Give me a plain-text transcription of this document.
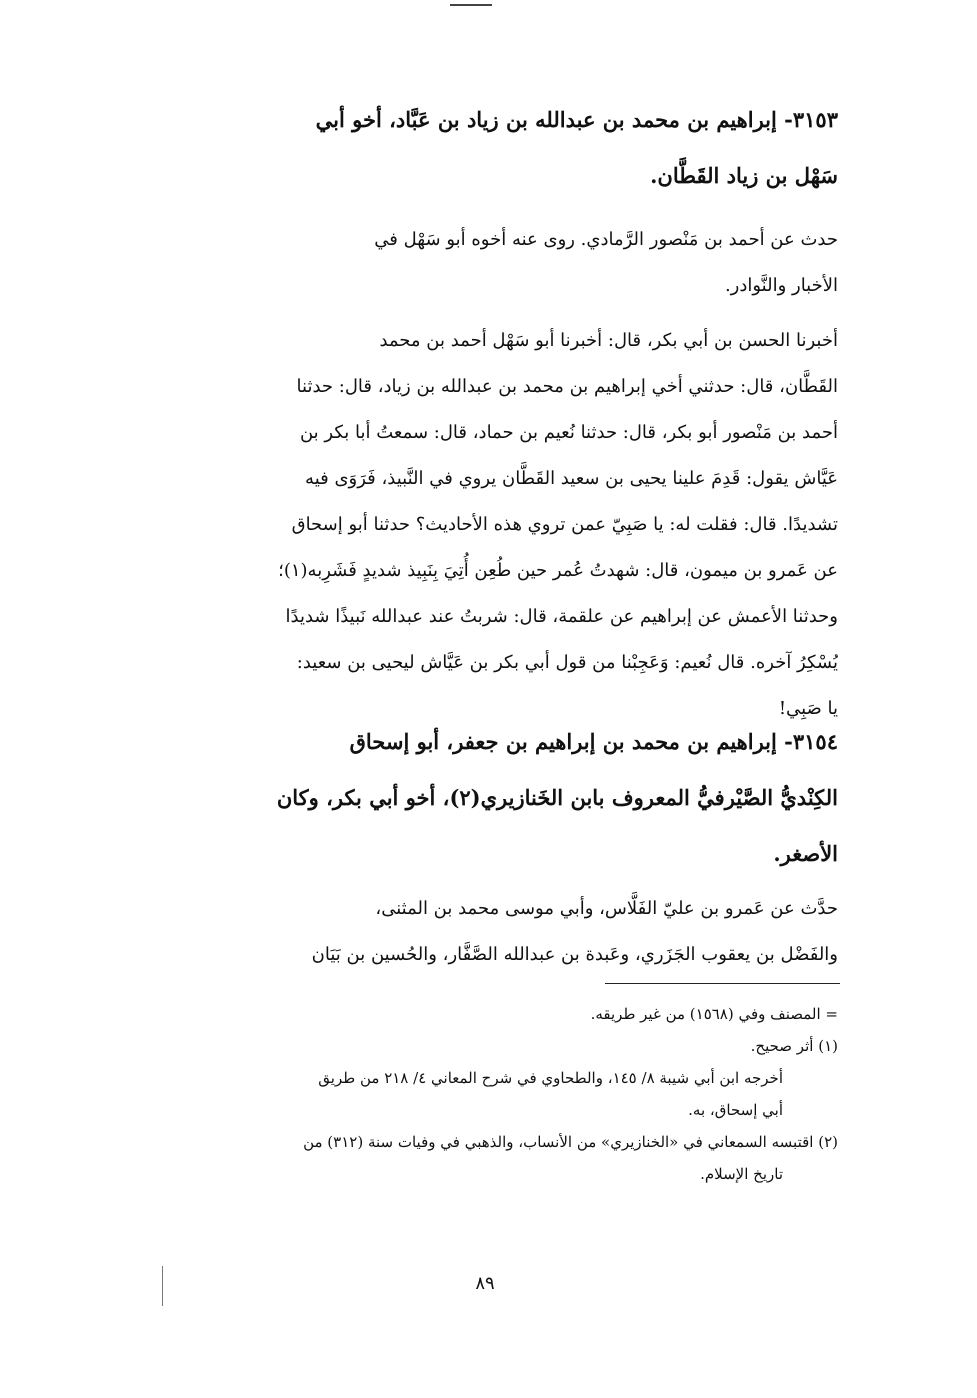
٣١٥٣- إبراهيم بن محمد بن عبدالله بن زياد بن عَبَّاد، أخو أبي
سَهْل بن زياد القَطَّان.
حدث عن أحمد بن مَنْصور الرَّمادي. روى عنه أخوه أبو سَهْل في
الأخبار والنَّوادر.
أخبرنا الحسن بن أبي بكر، قال: أخبرنا أبو سَهْل أحمد بن محمد
القَطَّان، قال: حدثني أخي إبراهيم بن محمد بن عبدالله بن زياد، قال: حدثنا
أحمد بن مَنْصور أبو بكر، قال: حدثنا نُعيم بن حماد، قال: سمعتُ أبا بكر بن
عَيَّاش يقول: قَدِمَ علينا يحيى بن سعيد القَطَّان يروي في النَّبيذ، فَرَوَى فيه
تشديدًا. قال: فقلت له: يا صَبِيّ عمن تروي هذه الأحاديث؟ حدثنا أبو إسحاق
عن عَمرو بن ميمون، قال: شهدتُ عُمر حين طُعِن أُتِيَ بِنَبِيذ شديدٍ فَشَرِبه(١)؛
وحدثنا الأعمش عن إبراهيم عن علقمة، قال: شربتُ عند عبدالله نَبيذًا شديدًا
يُسْكِرُ آخره. قال نُعيم: وَعَجِبْنا من قول أبي بكر بن عَيَّاش ليحيى بن سعيد:
يا صَبِي!
٣١٥٤- إبراهيم بن محمد بن إبراهيم بن جعفر، أبو إسحاق
الكِنْديُّ الصَّيْرفيُّ المعروف بابن الخَنازيري(٢)، أخو أبي بكر، وكان
الأصغر.
حدَّث عن عَمرو بن عليّ الفَلَّاس، وأبي موسى محمد بن المثنى،
والفَضْل بن يعقوب الجَزَري، وعَبدة بن عبدالله الصَّفَّار، والحُسين بن بَيَان
= المصنف وفي (١٥٦٨) من غير طريقه.
(١) أثر صحيح.
أخرجه ابن أبي شيبة ٨/ ١٤٥، والطحاوي في شرح المعاني ٤/ ٢١٨ من طريق
أبي إسحاق، به.
(٢) اقتبسه السمعاني في «الخنازيري» من الأنساب، والذهبي في وفيات سنة (٣١٢) من
تاريخ الإسلام.
٨٩
